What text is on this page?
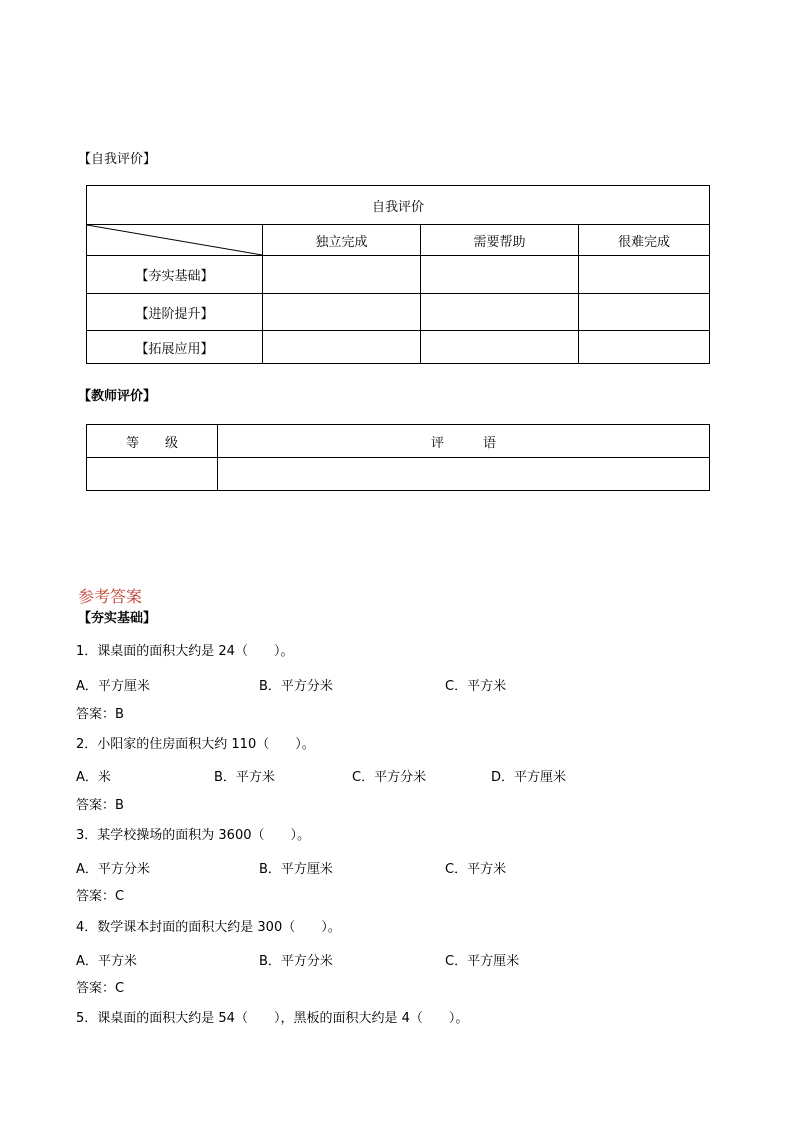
【自我评价】
自我评价			

	独立完成	需要帮助	很难完成
【夯实基础】			
【进阶提升】			
【拓展应用】			
【教师评价】
等　　级	评　　　语

参考答案
【夯实基础】
1．课桌面的面积大约是 24（　　）。
A．平方厘米	B．平方分米	C．平方米
答案：B
2．小阳家的住房面积大约 110（　　）。
A．米	B．平方米	C．平方分米	D．平方厘米
答案：B
3．某学校操场的面积为 3600（　　）。
A．平方分米	B．平方厘米	C．平方米
答案：C
4．数学课本封面的面积大约是 300（　　）。
A．平方米	B．平方分米	C．平方厘米
答案：C
5．课桌面的面积大约是 54（　　），黑板的面积大约是 4（　　）。
